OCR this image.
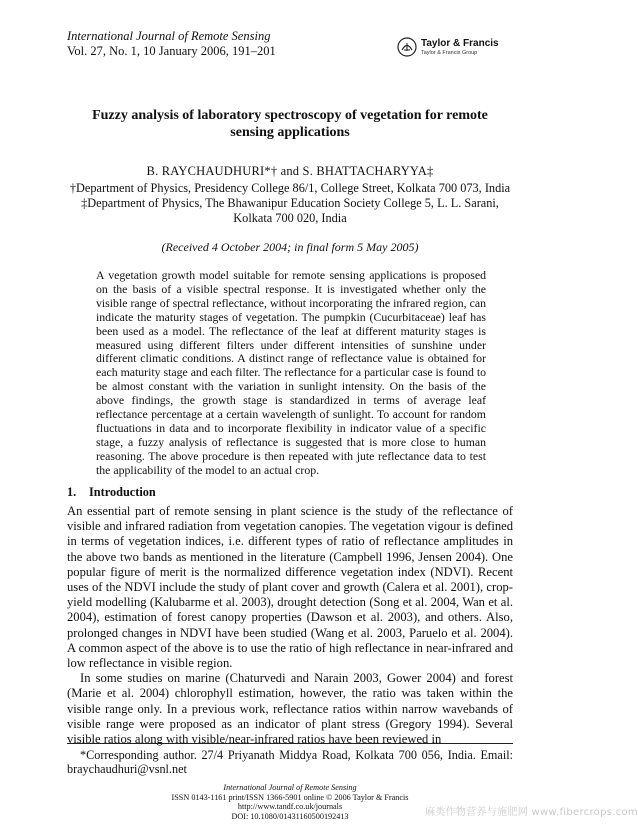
International Journal of Remote Sensing
Vol. 27, No. 1, 10 January 2006, 191–201
Taylor & Francis
Taylor & Francis Group
Fuzzy analysis of laboratory spectroscopy of vegetation for remote
sensing applications
B. RAYCHAUDHURI*† and S. BHATTACHARYYA‡
†Department of Physics, Presidency College 86/1, College Street, Kolkata 700 073, India
‡Department of Physics, The Bhawanipur Education Society College 5, L. L. Sarani,
Kolkata 700 020, India
(Received 4 October 2004; in final form 5 May 2005)
A vegetation growth model suitable for remote sensing applications is proposed on the basis of a visible spectral response. It is investigated whether only the visible range of spectral reflectance, without incorporating the infrared region, can indicate the maturity stages of vegetation. The pumpkin (Cucurbitaceae) leaf has been used as a model. The reflectance of the leaf at different maturity stages is measured using different filters under different intensities of sunshine under different climatic conditions. A distinct range of reflectance value is obtained for each maturity stage and each filter. The reflectance for a particular case is found to be almost constant with the variation in sunlight intensity. On the basis of the above findings, the growth stage is standardized in terms of average leaf reflectance percentage at a certain wavelength of sunlight. To account for random fluctuations in data and to incorporate flexibility in indicator value of a specific stage, a fuzzy analysis of reflectance is suggested that is more close to human reasoning. The above procedure is then repeated with jute reflectance data to test the applicability of the model to an actual crop.
1. Introduction

An essential part of remote sensing in plant science is the study of the reflectance of visible and infrared radiation from vegetation canopies. The vegetation vigour is defined in terms of vegetation indices, i.e. different types of ratio of reflectance amplitudes in the above two bands as mentioned in the literature (Campbell 1996, Jensen 2004). One popular figure of merit is the normalized difference vegetation index (NDVI). Recent uses of the NDVI include the study of plant cover and growth (Calera et al. 2001), crop-yield modelling (Kalubarme et al. 2003), drought detection (Song et al. 2004, Wan et al. 2004), estimation of forest canopy properties (Dawson et al. 2003), and others. Also, prolonged changes in NDVI have been studied (Wang et al. 2003, Paruelo et al. 2004). A common aspect of the above is to use the ratio of high reflectance in near-infrared and low reflectance in visible region.

In some studies on marine (Chaturvedi and Narain 2003, Gower 2004) and forest (Marie et al. 2004) chlorophyll estimation, however, the ratio was taken within the visible range only. In a previous work, reflectance ratios within narrow wavebands of visible range were proposed as an indicator of plant stress (Gregory 1994). Several visible ratios along with visible/near-infrared ratios have been reviewed in

*Corresponding author. 27/4 Priyanath Middya Road, Kolkata 700 056, India. Email: braychaudhuri@vsnl.net
International Journal of Remote Sensing
ISSN 0143-1161 print/ISSN 1366-5901 online © 2006 Taylor & Francis
http://www.tandf.co.uk/journals
DOI: 10.1080/01431160500192413	麻类作物营养与施肥网 www.fibercrops.com
